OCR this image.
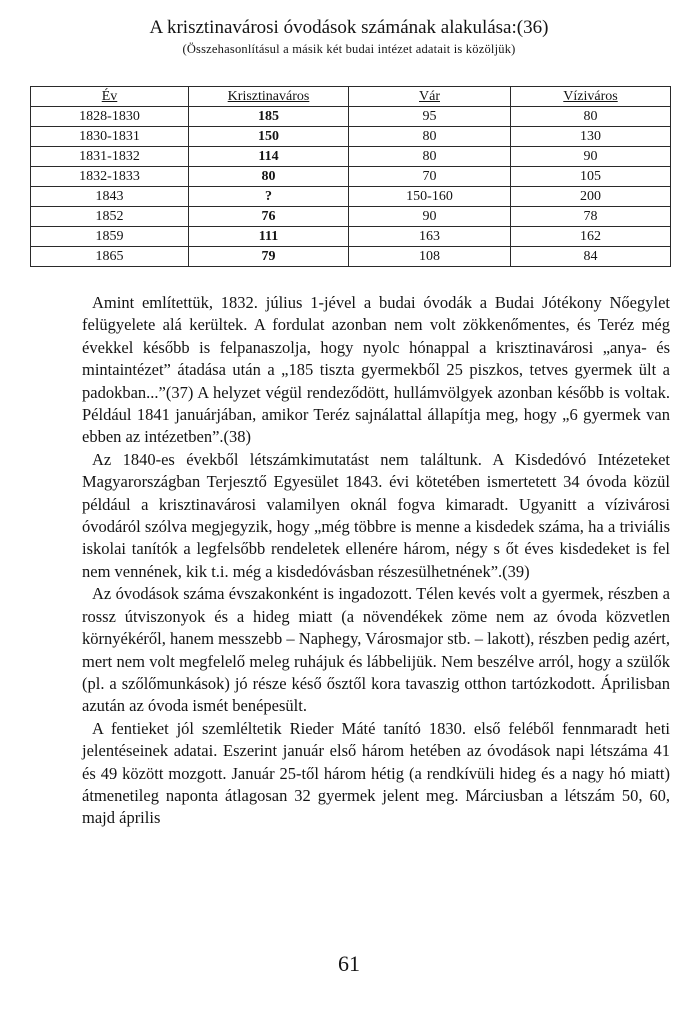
A krisztinavárosi óvodások számának alakulása:(36)
(Összehasonlításul a másik két budai intézet adatait is közöljük)
Év	Krisztinaváros	Vár	Víziváros
1828-1830	185	95	80
1830-1831	150	80	130
1831-1832	114	80	90
1832-1833	80	70	105
1843	?	150-160	200
1852	76	90	78
1859	111	163	162
1865	79	108	84

Amint említettük, 1832. július 1-jével a budai óvodák a Budai Jótékony Nőegylet felügyelete alá kerültek. A fordulat azonban nem volt zökkenőmentes, és Teréz még évekkel később is felpanaszolja, hogy nyolc hónappal a krisztinavárosi „anya- és mintaintézet” átadása után a „185 tiszta gyermekből 25 piszkos, tetves gyermek ült a padokban...”(37) A helyzet végül rendeződött, hullámvölgyek azonban később is voltak. Például 1841 januárjában, amikor Teréz sajnálattal állapítja meg, hogy „6 gyermek van ebben az intézetben”.(38)

Az 1840-es évekből létszámkimutatást nem találtunk. A Kisdedóvó Intézeteket Magyarországban Terjesztő Egyesület 1843. évi kötetében ismertetett 34 óvoda közül például a krisztinavárosi valamilyen oknál fogva kimaradt. Ugyanitt a vízivárosi óvodáról szólva megjegyzik, hogy „még többre is menne a kisdedek száma, ha a triviális iskolai tanítók a legfelsőbb rendeletek ellenére három, négy s őt éves kisdedeket is fel nem vennének, kik t.i. még a kisdedóvásban részesülhetnének”.(39)

Az óvodások száma évszakonként is ingadozott. Télen kevés volt a gyermek, részben a rossz útviszonyok és a hideg miatt (a növendékek zöme nem az óvoda közvetlen környékéről, hanem messzebb – Naphegy, Városmajor stb. – lakott), részben pedig azért, mert nem volt megfelelő meleg ruhájuk és lábbelijük. Nem beszélve arról, hogy a szülők (pl. a szőlőmunkások) jó része késő ősztől kora tavaszig otthon tartózkodott. Áprilisban azután az óvoda ismét benépesült.

A fentieket jól szemléltetik Rieder Máté tanító 1830. első feléből fennmaradt heti jelentéseinek adatai. Eszerint január első három hetében az óvodások napi létszáma 41 és 49 között mozgott. Január 25-től három hétig (a rendkívüli hideg és a nagy hó miatt) átmenetileg naponta átlagosan 32 gyermek jelent meg. Márciusban a létszám 50, 60, majd április

61
